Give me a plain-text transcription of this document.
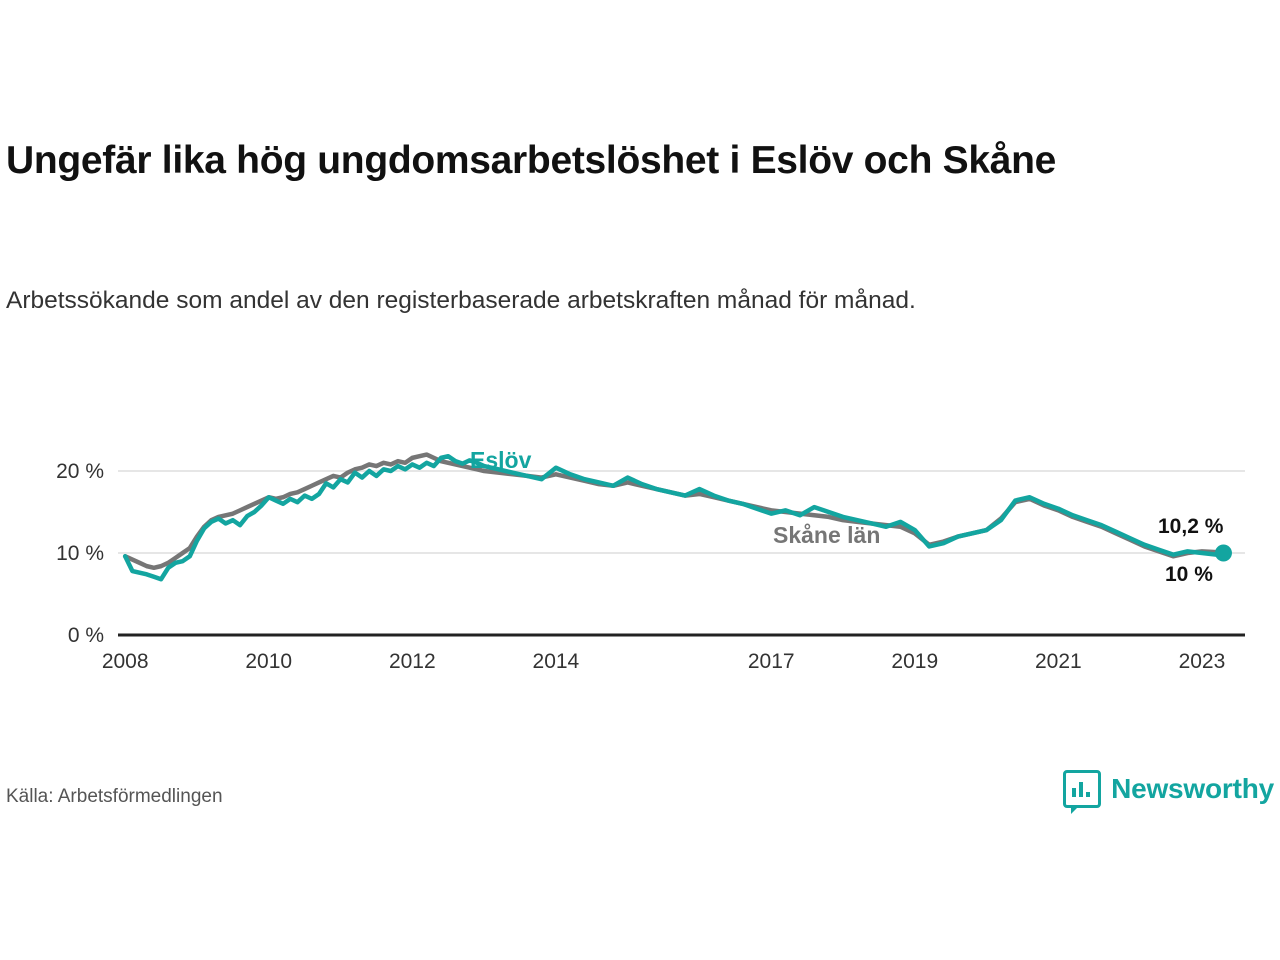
Ungefär lika hög ungdomsarbetslöshet i Eslöv och Skåne
Arbetssökande som andel av den registerbaserade arbetskraften månad för månad.
0 %
10 %
20 %
2008	2010	2012	2014	2017	2019	2021	2023
Eslöv
Skåne län	10,2 %
10 %
Källa: Arbetsförmedlingen	Newsworthy
